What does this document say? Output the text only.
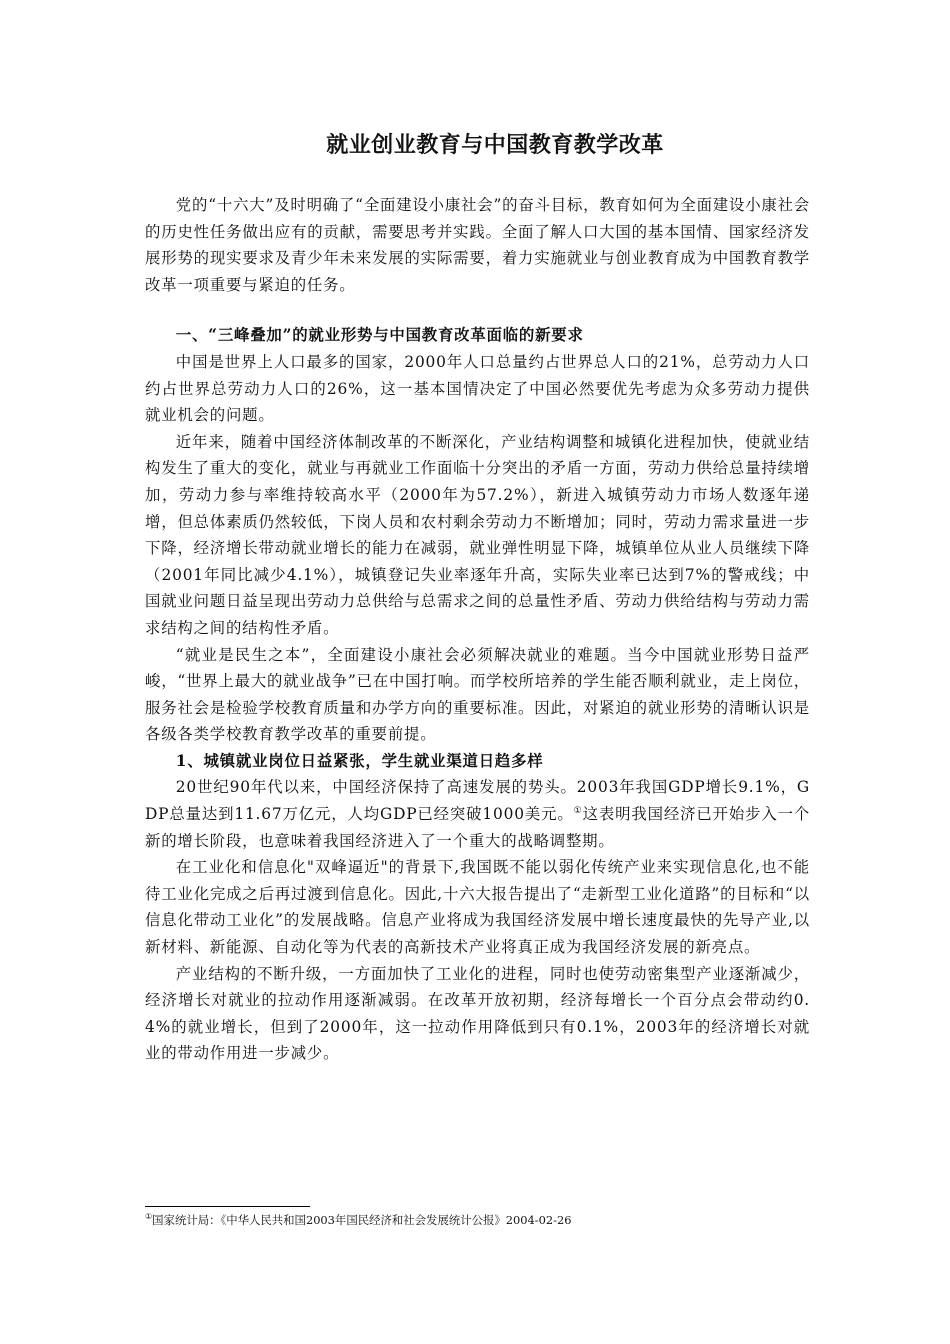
就业创业教育与中国教育教学改革

党的“十六大”及时明确了“全面建设小康社会”的奋斗目标，教育如何为全面建设小康社会的历史性任务做出应有的贡献，需要思考并实践。全面了解人口大国的基本国情、国家经济发展形势的现实要求及青少年未来发展的实际需要，着力实施就业与创业教育成为中国教育教学改革一项重要与紧迫的任务。

一、“三峰叠加”的就业形势与中国教育改革面临的新要求

中国是世界上人口最多的国家，2000年人口总量约占世界总人口的21%，总劳动力人口约占世界总劳动力人口的26%，这一基本国情决定了中国必然要优先考虑为众多劳动力提供就业机会的问题。

近年来，随着中国经济体制改革的不断深化，产业结构调整和城镇化进程加快，使就业结构发生了重大的变化，就业与再就业工作面临十分突出的矛盾一方面，劳动力供给总量持续增加，劳动力参与率维持较高水平（2000年为57.2%），新进入城镇劳动力市场人数逐年递增，但总体素质仍然较低，下岗人员和农村剩余劳动力不断增加；同时，劳动力需求量进一步下降，经济增长带动就业增长的能力在减弱，就业弹性明显下降，城镇单位从业人员继续下降（2001年同比减少4.1%），城镇登记失业率逐年升高，实际失业率已达到7%的警戒线；中国就业问题日益呈现出劳动力总供给与总需求之间的总量性矛盾、劳动力供给结构与劳动力需求结构之间的结构性矛盾。

“就业是民生之本”，全面建设小康社会必须解决就业的难题。当今中国就业形势日益严峻，“世界上最大的就业战争”已在中国打响。而学校所培养的学生能否顺利就业，走上岗位，服务社会是检验学校教育质量和办学方向的重要标准。因此，对紧迫的就业形势的清晰认识是各级各类学校教育教学改革的重要前提。

1、城镇就业岗位日益紧张，学生就业渠道日趋多样

20世纪90年代以来，中国经济保持了高速发展的势头。2003年我国GDP增长9.1%，GDP总量达到11.67万亿元，人均GDP已经突破1000美元。①这表明我国经济已开始步入一个新的增长阶段，也意味着我国经济进入了一个重大的战略调整期。

在工业化和信息化"双峰逼近"的背景下,我国既不能以弱化传统产业来实现信息化,也不能待工业化完成之后再过渡到信息化。因此,十六大报告提出了“走新型工业化道路”的目标和“以信息化带动工业化”的发展战略。信息产业将成为我国经济发展中增长速度最快的先导产业,以新材料、新能源、自动化等为代表的高新技术产业将真正成为我国经济发展的新亮点。

产业结构的不断升级，一方面加快了工业化的进程，同时也使劳动密集型产业逐渐减少，经济增长对就业的拉动作用逐渐减弱。在改革开放初期，经济每增长一个百分点会带动约0.4%的就业增长，但到了2000年，这一拉动作用降低到只有0.1%，2003年的经济增长对就业的带动作用进一步减少。

①国家统计局：《中华人民共和国2003年国民经济和社会发展统计公报》2004-02-26
